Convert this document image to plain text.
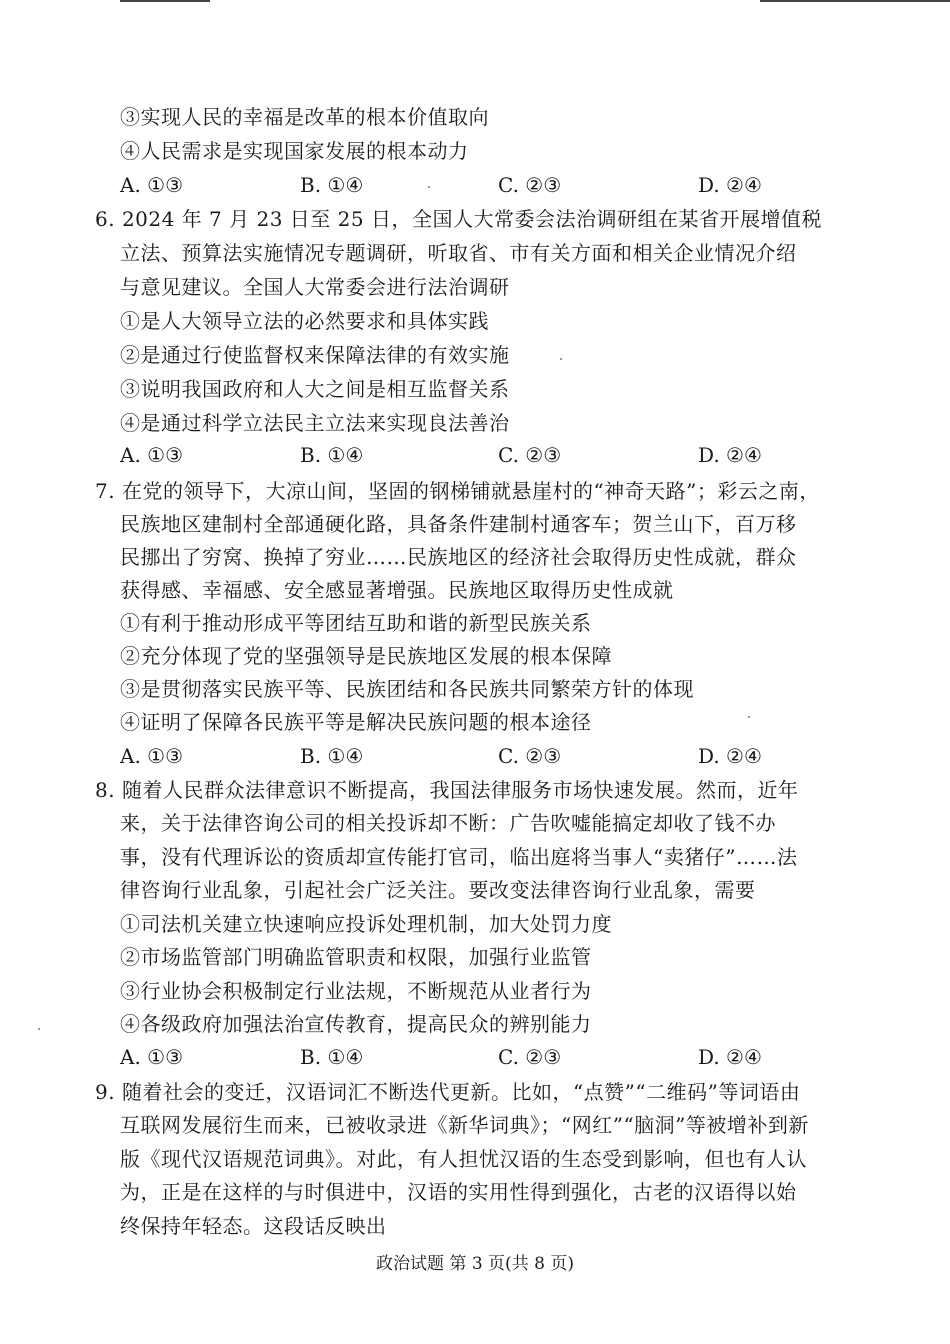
③实现人民的幸福是改革的根本价值取向
④人民需求是实现国家发展的根本动力
A. ①③	B. ①④	C. ②③	D. ②④
6. 2024 年 7 月 23 日至 25 日，全国人大常委会法治调研组在某省开展增值税
立法、预算法实施情况专题调研，听取省、市有关方面和相关企业情况介绍
与意见建议。全国人大常委会进行法治调研
①是人大领导立法的必然要求和具体实践
②是通过行使监督权来保障法律的有效实施
③说明我国政府和人大之间是相互监督关系
④是通过科学立法民主立法来实现良法善治
A. ①③	B. ①④	C. ②③	D. ②④
7. 在党的领导下，大凉山间，坚固的钢梯铺就悬崖村的“神奇天路”；彩云之南，
民族地区建制村全部通硬化路，具备条件建制村通客车；贺兰山下，百万移
民挪出了穷窝、换掉了穷业……民族地区的经济社会取得历史性成就，群众
获得感、幸福感、安全感显著增强。民族地区取得历史性成就
①有利于推动形成平等团结互助和谐的新型民族关系
②充分体现了党的坚强领导是民族地区发展的根本保障
③是贯彻落实民族平等、民族团结和各民族共同繁荣方针的体现
④证明了保障各民族平等是解决民族问题的根本途径
A. ①③	B. ①④	C. ②③	D. ②④
8. 随着人民群众法律意识不断提高，我国法律服务市场快速发展。然而，近年
来，关于法律咨询公司的相关投诉却不断：广告吹嘘能搞定却收了钱不办
事，没有代理诉讼的资质却宣传能打官司，临出庭将当事人“卖猪仔”……法
律咨询行业乱象，引起社会广泛关注。要改变法律咨询行业乱象，需要
①司法机关建立快速响应投诉处理机制，加大处罚力度
②市场监管部门明确监管职责和权限，加强行业监管
③行业协会积极制定行业法规，不断规范从业者行为
④各级政府加强法治宣传教育，提高民众的辨别能力
A. ①③	B. ①④	C. ②③	D. ②④
9. 随着社会的变迁，汉语词汇不断迭代更新。比如，“点赞”“二维码”等词语由
互联网发展衍生而来，已被收录进《新华词典》；“网红”“脑洞”等被增补到新
版《现代汉语规范词典》。对此，有人担忧汉语的生态受到影响，但也有人认
为，正是在这样的与时俱进中，汉语的实用性得到强化，古老的汉语得以始
终保持年轻态。这段话反映出
政治试题 第 3 页(共 8 页)
